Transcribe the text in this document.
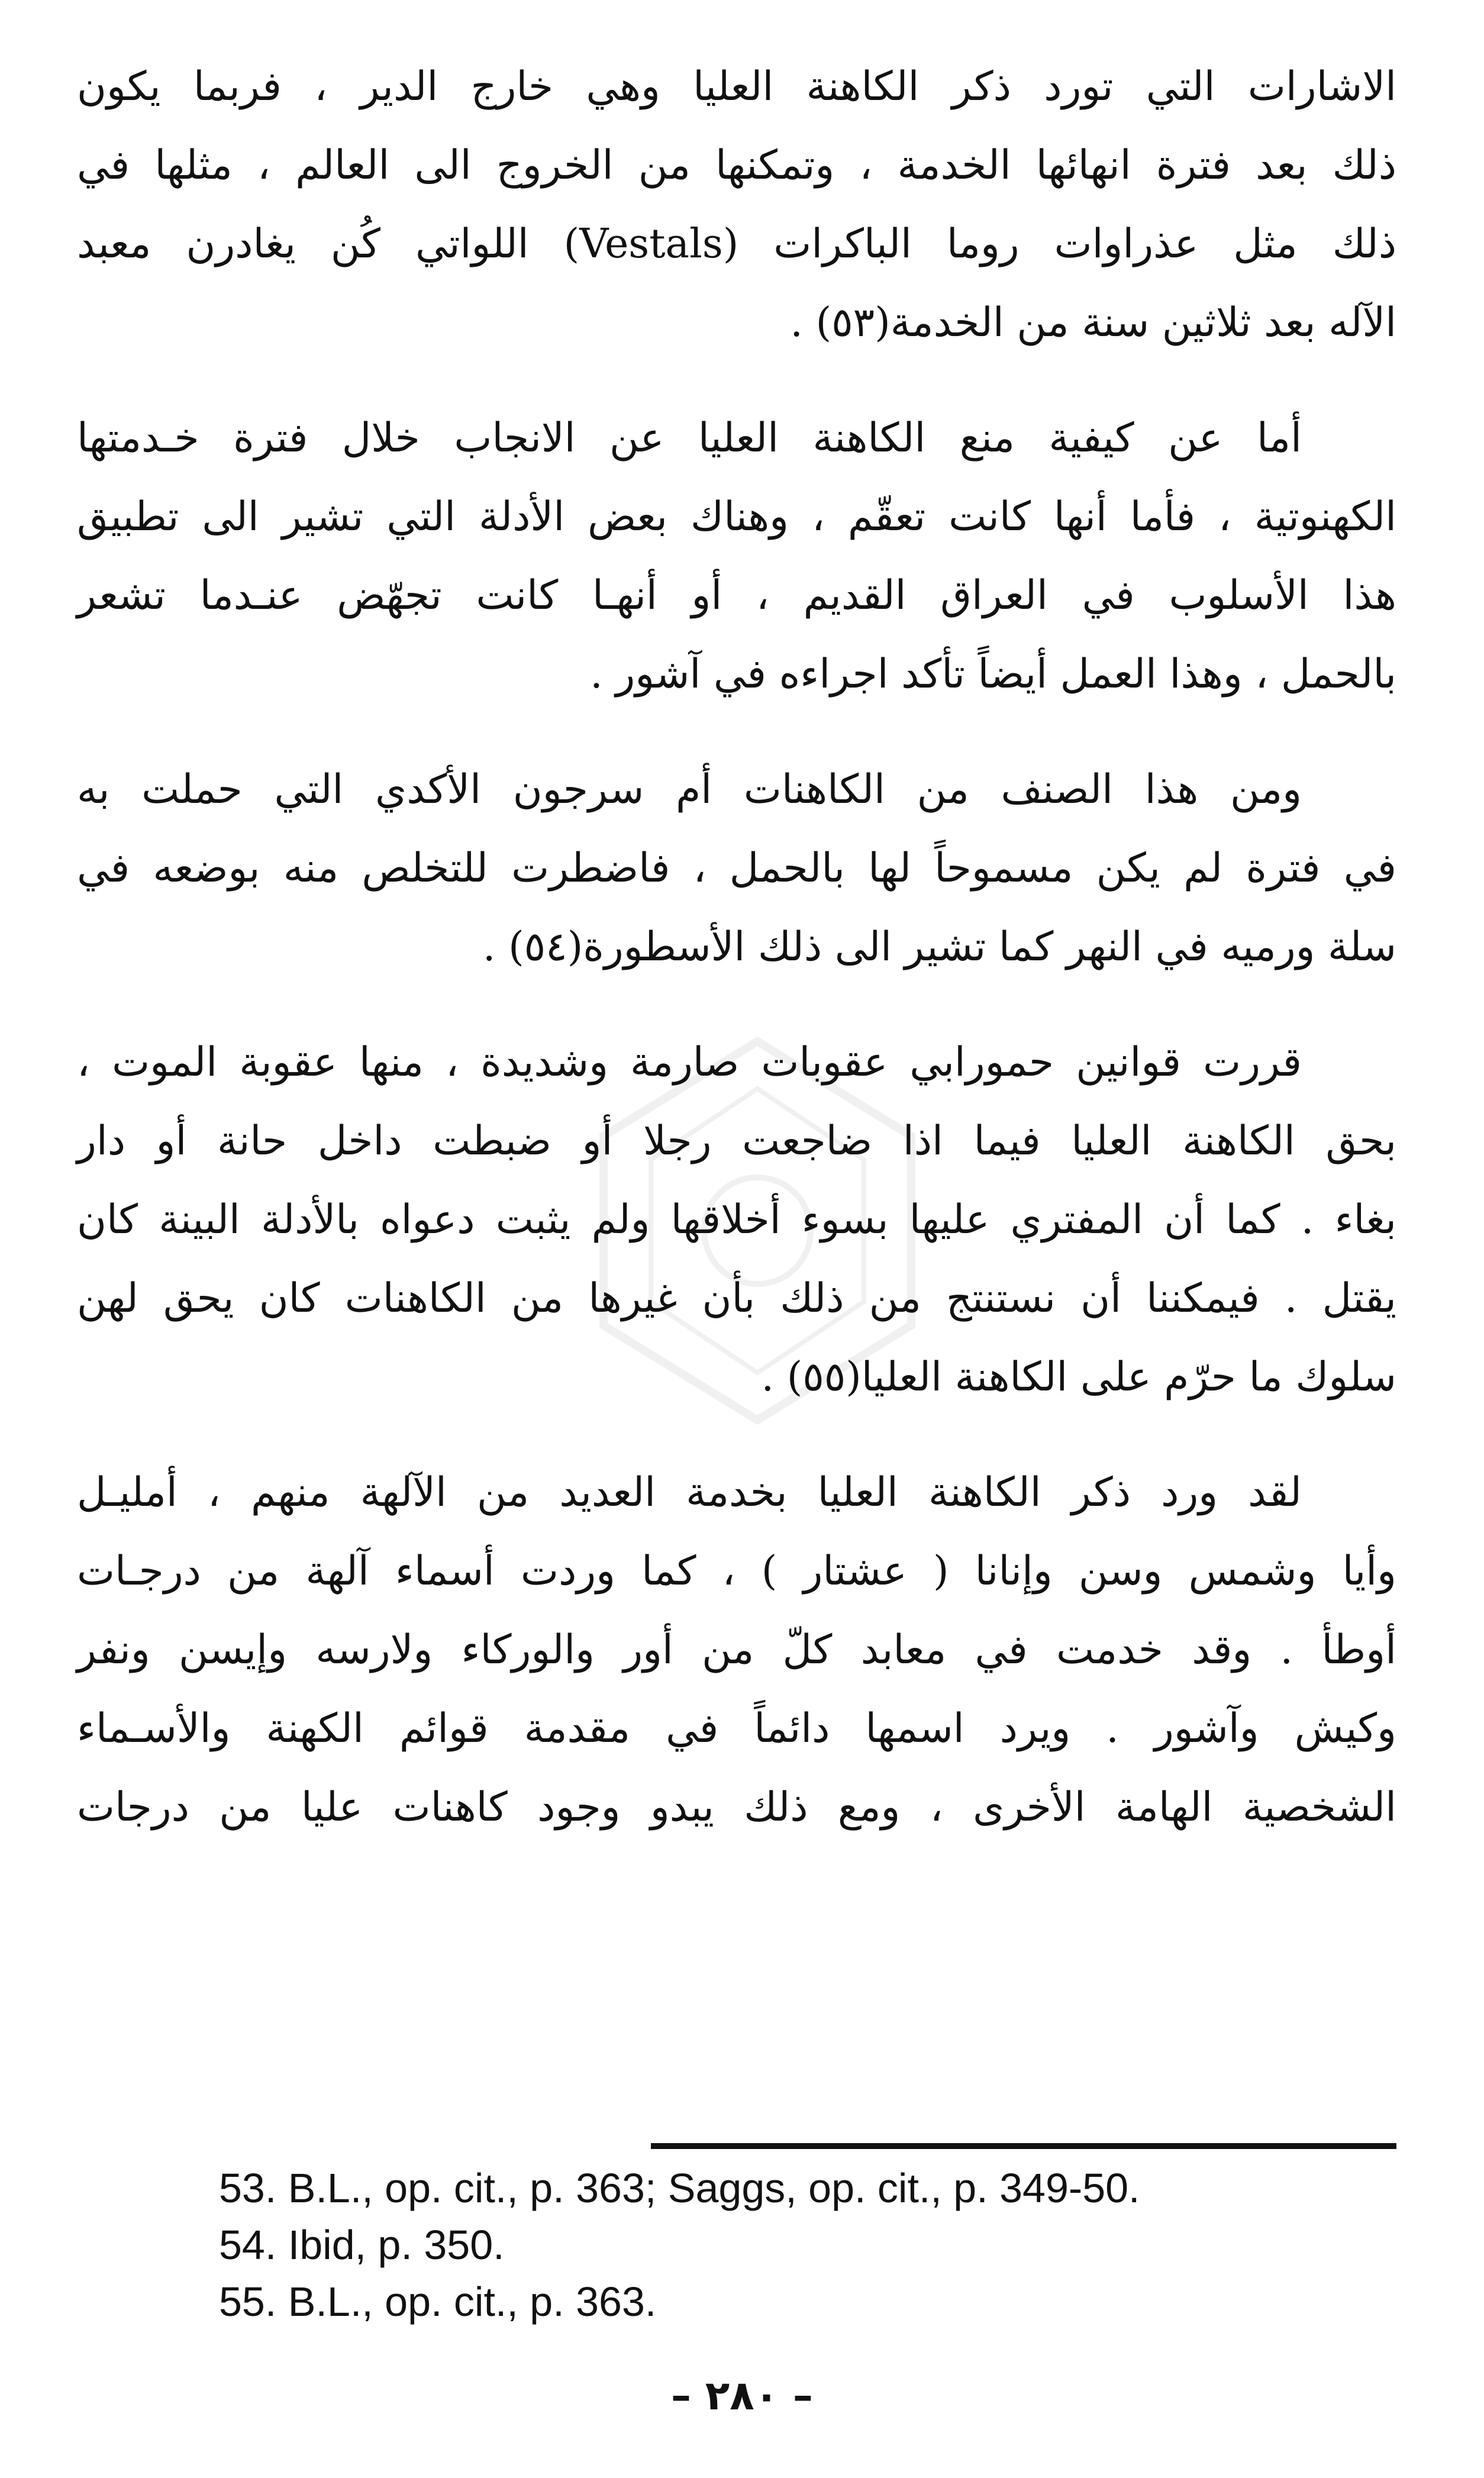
الاشارات التي تورد ذكر الكاهنة العليا وهي خارج الدير ، فربما يكون
ذلك بعد فترة انهائها الخدمة ، وتمكنها من الخروج الى العالم ، مثلها في
ذلك مثل عذراوات روما الباكرات (Vestals) اللواتي كُن يغادرن معبد
الآله بعد ثلاثين سنة من الخدمة(٥٣) .
أما عن كيفية منع الكاهنة العليا عن الانجاب خلال فترة خـدمتها
الكهنوتية ، فأما أنها كانت تعقّم ، وهناك بعض الأدلة التي تشير الى تطبيق
هذا الأسلوب في العراق القديم ، أو أنهـا كانت تجهّض عنـدما تشعر
بالحمل ، وهذا العمل أيضاً تأكد اجراءه في آشور .
ومن هذا الصنف من الكاهنات أم سرجون الأكدي التي حملت به
في فترة لم يكن مسموحاً لها بالحمل ، فاضطرت للتخلص منه بوضعه في
سلة ورميه في النهر كما تشير الى ذلك الأسطورة(٥٤) .
قررت قوانين حمورابي عقوبات صارمة وشديدة ، منها عقوبة الموت ،
بحق الكاهنة العليا فيما اذا ضاجعت رجلا أو ضبطت داخل حانة أو دار
بغاء . كما أن المفتري عليها بسوء أخلاقها ولم يثبت دعواه بالأدلة البينة كان
يقتل . فيمكننا أن نستنتج من ذلك بأن غيرها من الكاهنات كان يحق لهن
سلوك ما حرّم على الكاهنة العليا(٥٥) .
لقد ورد ذكر الكاهنة العليا بخدمة العديد من الآلهة منهم ، أمليـل
وأيا وشمس وسن وإنانا ( عشتار ) ، كما وردت أسماء آلهة من درجـات
أوطأ . وقد خدمت في معابد كلّ من أور والوركاء ولارسه وإيسن ونفر
وكيش وآشور . ويرد اسمها دائماً في مقدمة قوائم الكهنة والأسـماء
الشخصية الهامة الأخرى ، ومع ذلك يبدو وجود كاهنات عليا من درجات
53. B.L., op. cit., p. 363; Saggs, op. cit., p. 349-50.
54. Ibid, p. 350.
55. B.L., op. cit., p. 363.
– ٢٨٠ –
